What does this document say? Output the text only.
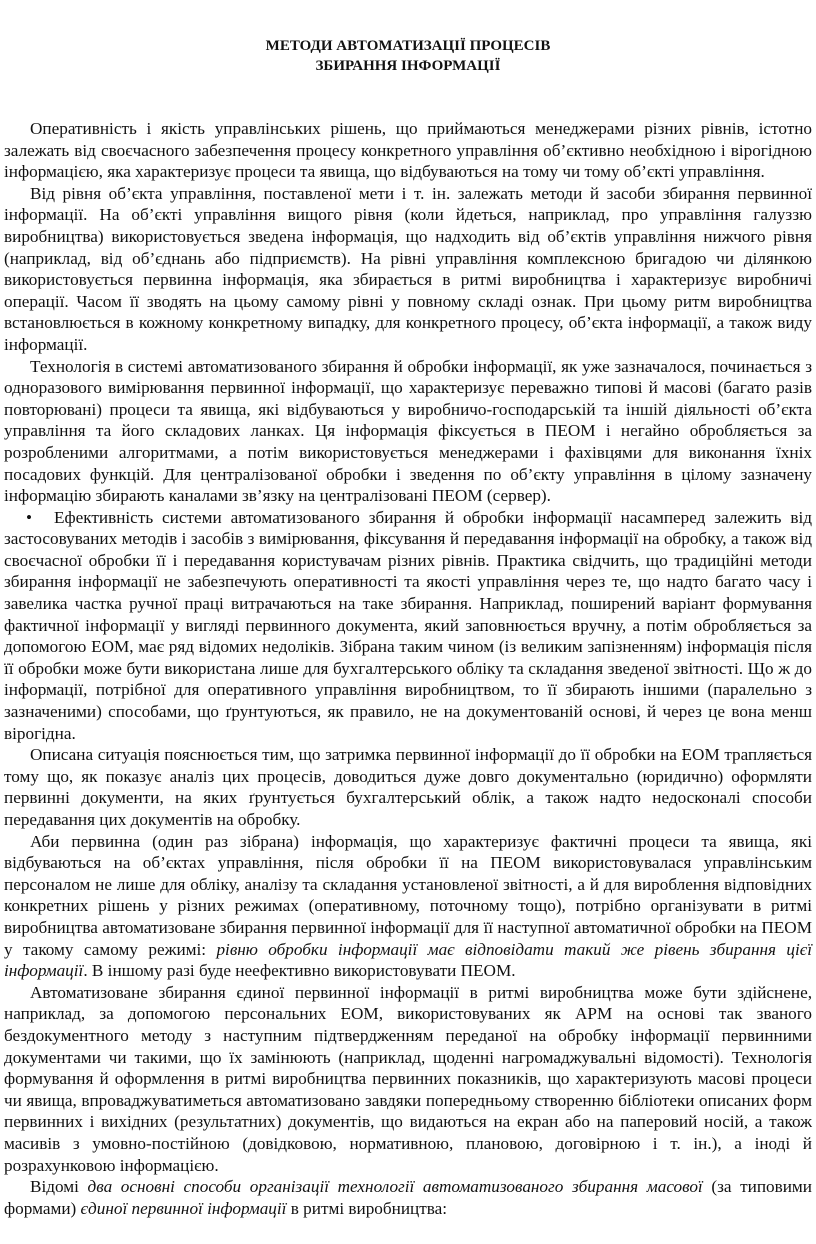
МЕТОДИ АВТОМАТИЗАЦІЇ ПРОЦЕСІВ
ЗБИРАННЯ ІНФОРМАЦІЇ

Оперативність і якість управлінських рішень, що приймаються менеджерами різних рівнів, істотно залежать від своєчасного забезпечення процесу конкретного управління об’єктивно необхідною і вірогідною інформацією, яка характеризує процеси та явища, що відбуваються на тому чи тому об’єкті управління.

Від рівня об’єкта управління, поставленої мети і т. ін. залежать методи й засоби збирання первинної інформації. На об’єкті управління вищого рівня (коли йдеться, наприклад, про управління галуззю виробництва) використовується зведена інформація, що надходить від об’єктів управління нижчого рівня (наприклад, від об’єднань або підприємств). На рівні управління комплексною бригадою чи ділянкою використовується первинна інформація, яка збирається в ритмі виробництва і характеризує виробничі операції. Часом її зводять на цьому самому рівні у повному складі ознак. При цьому ритм виробництва встановлюється в кожному конкретному випадку, для конкретного процесу, об’єкта інформації, а також виду інформації.

Технологія в системі автоматизованого збирання й обробки інформації, як уже зазначалося, починається з одноразового вимірювання первинної інформації, що характеризує переважно типові й масові (багато разів повторювані) процеси та явища, які відбуваються у виробничо-господарській та іншій діяльності об’єкта управління та його складових ланках. Ця інформація фіксується в ПЕОМ і негайно обробляється за розробленими алгоритмами, а потім використовується менеджерами і фахівцями для виконання їхніх посадових функцій. Для централізованої обробки і зведення по об’єкту управління в цілому зазначену інформацію збирають каналами зв’язку на централізовані ПЕОМ (сервер).

• Ефективність системи автоматизованого збирання й обробки інформації насамперед залежить від застосовуваних методів і засобів з вимірювання, фіксування й передавання інформації на обробку, а також від своєчасної обробки її і передавання користувачам різних рівнів. Практика свідчить, що традиційні методи збирання інформації не забезпечують оперативності та якості управління через те, що надто багато часу і завелика частка ручної праці витрачаються на таке збирання. Наприклад, поширений варіант формування фактичної інформації у вигляді первинного документа, який заповнюється вручну, а потім обробляється за допомогою ЕОМ, має ряд відомих недоліків. Зібрана таким чином (із великим запізненням) інформація після її обробки може бути використана лише для бухгалтерського обліку та складання зведеної звітності. Що ж до інформації, потрібної для оперативного управління виробництвом, то її збирають іншими (паралельно з зазначеними) способами, що ґрунтуються, як правило, не на документованій основі, й через це вона менш вірогідна.

Описана ситуація пояснюється тим, що затримка первинної інформації до її обробки на ЕОМ трапляється тому що, як показує аналіз цих процесів, доводиться дуже довго документально (юридично) оформляти первинні документи, на яких ґрунтується бухгалтерський облік, а також надто недосконалі способи передавання цих документів на обробку.

Аби первинна (один раз зібрана) інформація, що характеризує фактичні процеси та явища, які відбуваються на об’єктах управління, після обробки її на ПЕОМ використовувалася управлінським персоналом не лише для обліку, аналізу та складання установленої звітності, а й для вироблення відповідних конкретних рішень у різних режимах (оперативному, поточному тощо), потрібно організувати в ритмі виробництва автоматизоване збирання первинної інформації для її наступної автоматичної обробки на ПЕОМ у такому самому режимі: рівню обробки інформації має відповідати такий же рівень збирання цієї інформації. В іншому разі буде неефективно використовувати ПЕОМ.

Автоматизоване збирання єдиної первинної інформації в ритмі виробництва може бути здійснене, наприклад, за допомогою персональних ЕОМ, використовуваних як АРМ на основі так званого бездокументного методу з наступним підтвердженням переданої на обробку інформації первинними документами чи такими, що їх замінюють (наприклад, щоденні нагромаджувальні відомості). Технологія формування й оформлення в ритмі виробництва первинних показників, що характеризують масові процеси чи явища, впроваджуватиметься автоматизовано завдяки попередньому створенню бібліотеки описаних форм первинних і вихідних (результатних) документів, що видаються на екран або на паперовий носій, а також масивів з умовно-постійною (довідковою, нормативною, плановою, договірною і т. ін.), а іноді й розрахунковою інформацією.

Відомі два основні способи організації технології автоматизованого збирання масової (за типовими формами) єдиної первинної інформації в ритмі виробництва:
